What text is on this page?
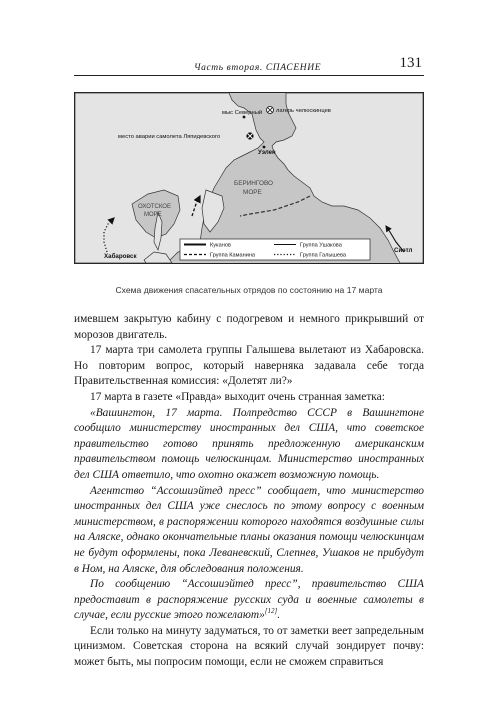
Часть вторая. СПАСЕНИЕ	131
мыс Северный лагерь челюскинцев
место аварии самолета Ляпидевского
Уэлен
БЕРИНГОВО
МОРЕ
ОХОТСКОЕ
МОРЕ
Хабаровск
Сиэтл
Куканов	Группа Ушакова
Группа Каманина	Группа Галышева
Схема движения спасательных отрядов по состоянию на 17 марта

имевшем закрытую кабину с подогревом и немного прикрывший от морозов двигатель.

17 марта три самолета группы Галышева вылетают из Хабаровска. Но повторим вопрос, который наверняка задавала себе тогда Правительственная комиссия: «Долетят ли?»

17 марта в газете «Правда» выходит очень странная заметка:

«Вашингтон, 17 марта. Полпредство СССР в Вашингтоне сообщило министерству иностранных дел США, что советское правительство готово принять предложенную американским правительством помощь челюскинцам. Министерство иностранных дел США ответило, что охотно окажет возможную помощь.

Агентство “Ассошиэйтед пресс” сообщает, что министерство иностранных дел США уже снеслось по этому вопросу с военным министерством, в распоряжении которого находятся воздушные силы на Аляске, однако окончательные планы оказания помощи челюскинцам не будут оформлены, пока Леваневский, Слепнев, Ушаков не прибудут в Ном, на Аляске, для обследования положения.

По сообщению “Ассошиэйтед пресс”, правительство США предоставит в распоряжение русских суда и военные самолеты в случае, если русские этого пожелают»[12].

Если только на минуту задуматься, то от заметки веет запредельным цинизмом. Советская сторона на всякий случай зондирует почву: может быть, мы попросим помощи, если не сможем справиться
